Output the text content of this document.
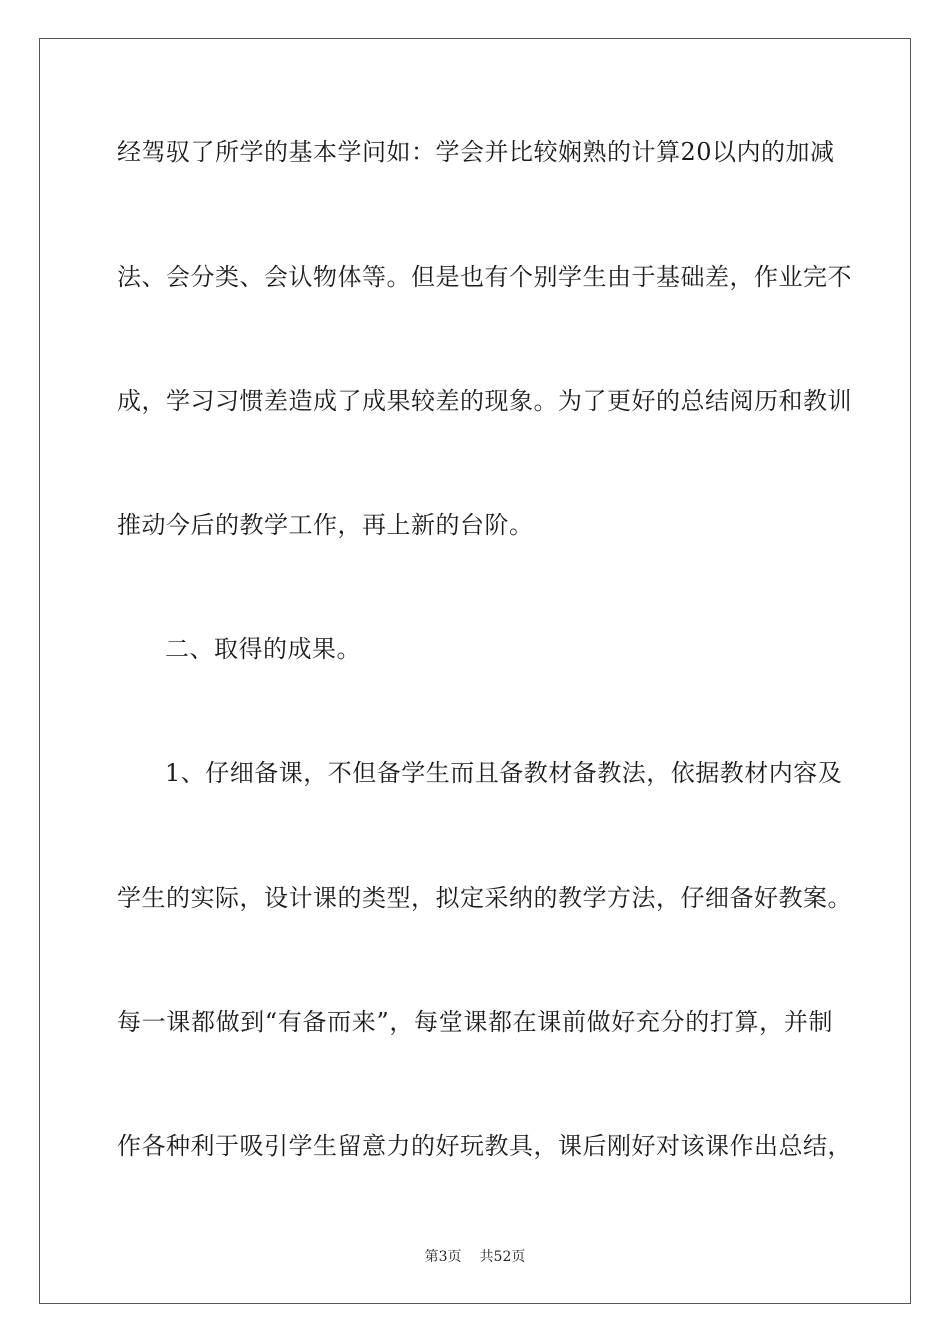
经驾驭了所学的基本学问如：学会并比较娴熟的计算20以内的加减
法、会分类、会认物体等。但是也有个别学生由于基础差，作业完不
成，学习习惯差造成了成果较差的现象。为了更好的总结阅历和教训
推动今后的教学工作，再上新的台阶。
二、取得的成果。
1、仔细备课，不但备学生而且备教材备教法，依据教材内容及
学生的实际，设计课的类型，拟定采纳的教学方法，仔细备好教案。
每一课都做到“有备而来”，每堂课都在课前做好充分的打算，并制
作各种利于吸引学生留意力的好玩教具，课后刚好对该课作出总结，
第3页 共52页
